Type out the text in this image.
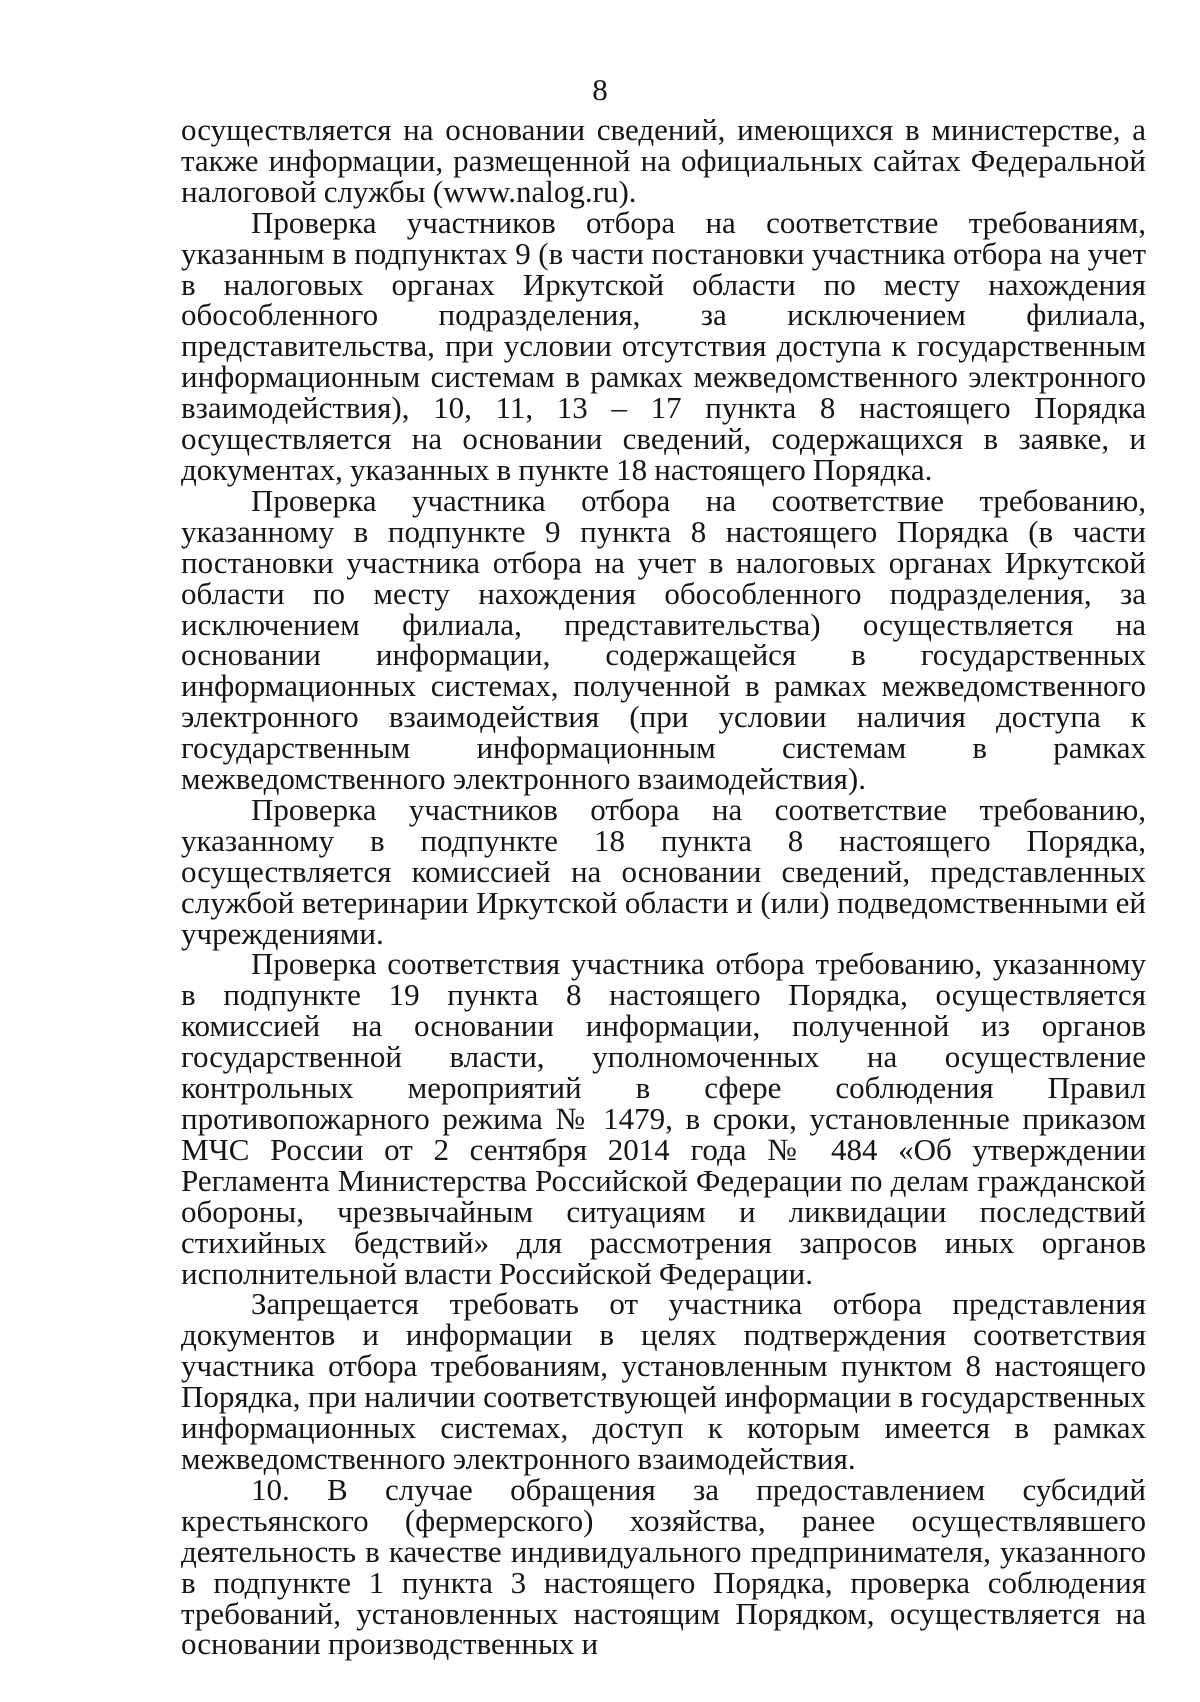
8

осуществляется на основании сведений, имеющихся в министерстве, а также информации, размещенной на официальных сайтах Федеральной налоговой службы (www.nalog.ru).

Проверка участников отбора на соответствие требованиям, указанным в подпунктах 9 (в части постановки участника отбора на учет в налоговых органах Иркутской области по месту нахождения обособленного подразделения, за исключением филиала, представительства, при условии отсутствия доступа к государственным информационным системам в рамках межведомственного электронного взаимодействия), 10, 11, 13 – 17 пункта 8 настоящего Порядка осуществляется на основании сведений, содержащихся в заявке, и документах, указанных в пункте 18 настоящего Порядка.

Проверка участника отбора на соответствие требованию, указанному в подпункте 9 пункта 8 настоящего Порядка (в части постановки участника отбора на учет в налоговых органах Иркутской области по месту нахождения обособленного подразделения, за исключением филиала, представительства) осуществляется на основании информации, содержащейся в государственных информационных системах, полученной в рамках межведомственного электронного взаимодействия (при условии наличия доступа к государственным информационным системам в рамках межведомственного электронного взаимодействия).

Проверка участников отбора на соответствие требованию, указанному в подпункте 18 пункта 8 настоящего Порядка, осуществляется комиссией на основании сведений, представленных службой ветеринарии Иркутской области и (или) подведомственными ей учреждениями.

Проверка соответствия участника отбора требованию, указанному в подпункте 19 пункта 8 настоящего Порядка, осуществляется комиссией на основании информации, полученной из органов государственной власти, уполномоченных на осуществление контрольных мероприятий в сфере соблюдения Правил противопожарного режима № 1479, в сроки, установленные приказом МЧС России от 2 сентября 2014 года № 484 «Об утверждении Регламента Министерства Российской Федерации по делам гражданской обороны, чрезвычайным ситуациям и ликвидации последствий стихийных бедствий» для рассмотрения запросов иных органов исполнительной власти Российской Федерации.

Запрещается требовать от участника отбора представления документов и информации в целях подтверждения соответствия участника отбора требованиям, установленным пунктом 8 настоящего Порядка, при наличии соответствующей информации в государственных информационных системах, доступ к которым имеется в рамках межведомственного электронного взаимодействия.

10. В случае обращения за предоставлением субсидий крестьянского (фермерского) хозяйства, ранее осуществлявшего деятельность в качестве индивидуального предпринимателя, указанного в подпункте 1 пункта 3 настоящего Порядка, проверка соблюдения требований, установленных настоящим Порядком, осуществляется на основании производственных и
